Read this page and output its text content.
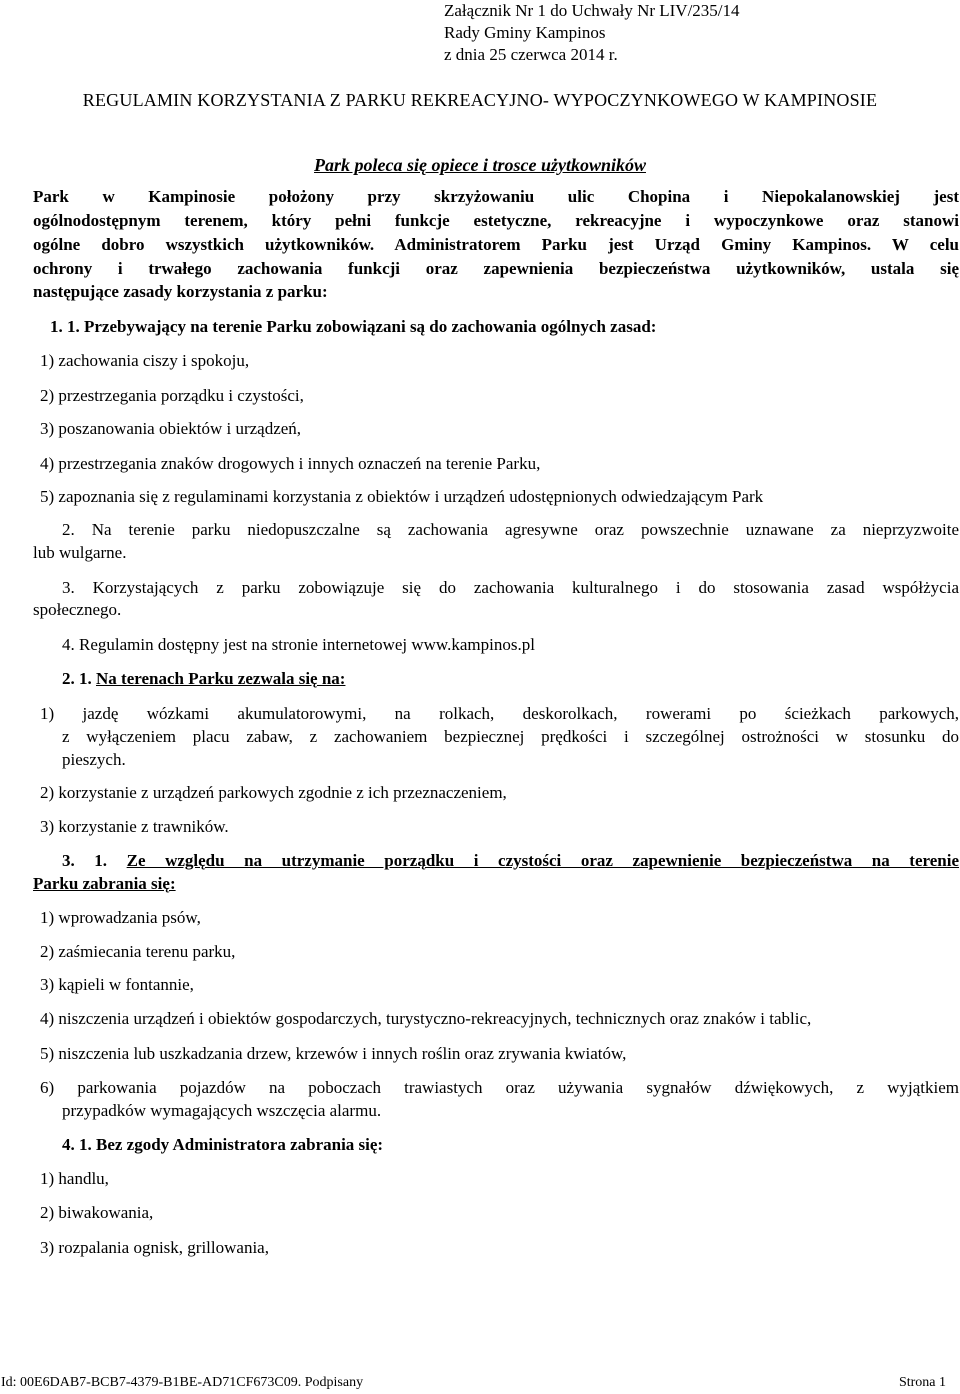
Załącznik Nr 1 do Uchwały Nr LIV/235/14
Rady Gminy Kampinos
z dnia 25 czerwca 2014 r.
REGULAMIN KORZYSTANIA Z PARKU REKREACYJNO- WYPOCZYNKOWEGO W KAMPINOSIE
Park poleca się opiece i trosce użytkowników
Park w Kampinosie położony przy skrzyżowaniu ulic Chopina i Niepokalanowskiej jest
ogólnodostępnym terenem, który pełni funkcje estetyczne, rekreacyjne i wypoczynkowe oraz stanowi
ogólne dobro wszystkich użytkowników. Administratorem Parku jest Urząd Gminy Kampinos. W celu
ochrony i trwałego zachowania funkcji oraz zapewnienia bezpieczeństwa użytkowników, ustala się
następujące zasady korzystania z parku:
1. 1. Przebywający na terenie Parku zobowiązani są do zachowania ogólnych zasad:
1) zachowania ciszy i spokoju,
2) przestrzegania porządku i czystości,
3) poszanowania obiektów i urządzeń,
4) przestrzegania znaków drogowych i innych oznaczeń na terenie Parku,
5) zapoznania się z regulaminami korzystania z obiektów i urządzeń udostępnionych odwiedzającym Park
2. Na terenie parku niedopuszczalne są zachowania agresywne oraz powszechnie uznawane za nieprzyzwoite
lub wulgarne.
3. Korzystających z parku zobowiązuje się do zachowania kulturalnego i do stosowania zasad współżycia
społecznego.
4. Regulamin dostępny jest na stronie internetowej www.kampinos.pl
2. 1. Na terenach Parku zezwala się na:
1) jazdę wózkami akumulatorowymi, na rolkach, deskorolkach, rowerami po ścieżkach parkowych,
z wyłączeniem placu zabaw, z zachowaniem bezpiecznej prędkości i szczególnej ostrożności w stosunku do
pieszych.
2) korzystanie z urządzeń parkowych zgodnie z ich przeznaczeniem,
3) korzystanie z trawników.
3. 1. Ze względu na utrzymanie porządku i czystości oraz zapewnienie bezpieczeństwa na terenie
Parku zabrania się:
1) wprowadzania psów,
2) zaśmiecania terenu parku,
3) kąpieli w fontannie,
4) niszczenia urządzeń i obiektów gospodarczych, turystyczno-rekreacyjnych, technicznych oraz znaków i tablic,
5) niszczenia lub uszkadzania drzew, krzewów i innych roślin oraz zrywania kwiatów,
6) parkowania pojazdów na poboczach trawiastych oraz używania sygnałów dźwiękowych, z wyjątkiem
przypadków wymagających wszczęcia alarmu.
4. 1. Bez zgody Administratora zabrania się:
1) handlu,
2) biwakowania,
3) rozpalania ognisk, grillowania,
Id: 00E6DAB7-BCB7-4379-B1BE-AD71CF673C09. Podpisany	Strona 1
